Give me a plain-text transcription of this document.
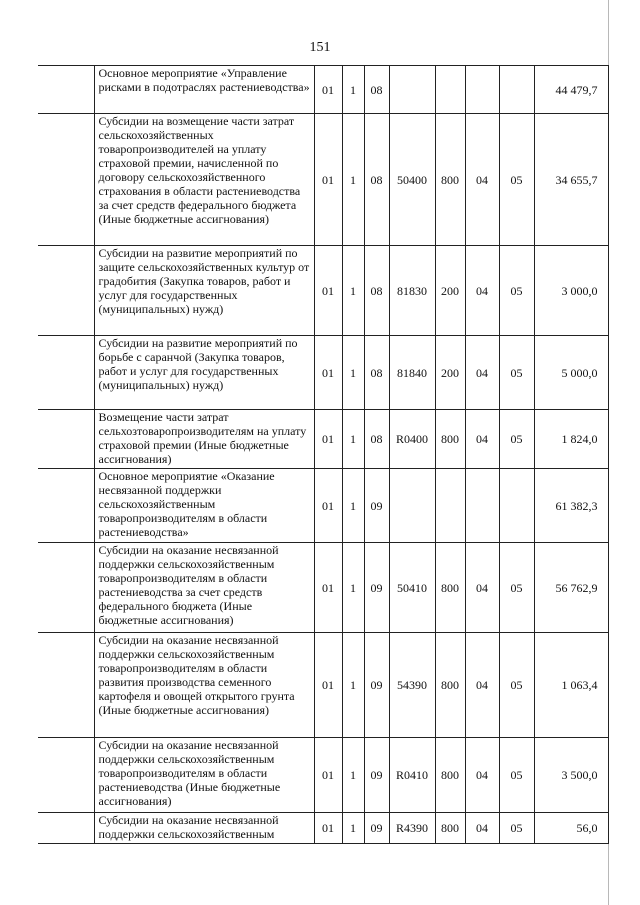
151
	Основное мероприятие «Управление рисками в подотраслях растениеводства»	01	1	08					44 479,7
	Субсидии на возмещение части затрат сельскохозяйственных товаропроизводителей на уплату страховой премии, начисленной по договору сельскохозяйственного страхования в области растениеводства за счет средств федерального бюджета (Иные бюджетные ассигнования)	01	1	08	50400	800	04	05	34 655,7
	Субсидии на развитие мероприятий по защите сельскохозяйственных культур от градобития (Закупка товаров, работ и услуг для государственных (муниципальных) нужд)	01	1	08	81830	200	04	05	3 000,0
	Субсидии на развитие мероприятий по борьбе с саранчой (Закупка товаров, работ и услуг для государственных (муниципальных) нужд)	01	1	08	81840	200	04	05	5 000,0
	Возмещение части затрат сельхозтоваропроизводителям на уплату страховой премии (Иные бюджетные ассигнования)	01	1	08	R0400	800	04	05	1 824,0
	Основное мероприятие «Оказание несвязанной поддержки сельскохозяйственным товаропроизводителям в области растениеводства»	01	1	09					61 382,3
	Субсидии на оказание несвязанной поддержки сельскохозяйственным товаропроизводителям в области растениеводства за счет средств федерального бюджета (Иные бюджетные ассигнования)	01	1	09	50410	800	04	05	56 762,9
	Субсидии на оказание несвязанной поддержки сельскохозяйственным товаропроизводителям в области развития производства семенного картофеля и овощей открытого грунта (Иные бюджетные ассигнования)	01	1	09	54390	800	04	05	1 063,4
	Субсидии на оказание несвязанной поддержки сельскохозяйственным товаропроизводителям в области растениеводства (Иные бюджетные ассигнования)	01	1	09	R0410	800	04	05	3 500,0
	Субсидии на оказание несвязанной поддержки сельскохозяйственным	01	1	09	R4390	800	04	05	56,0
